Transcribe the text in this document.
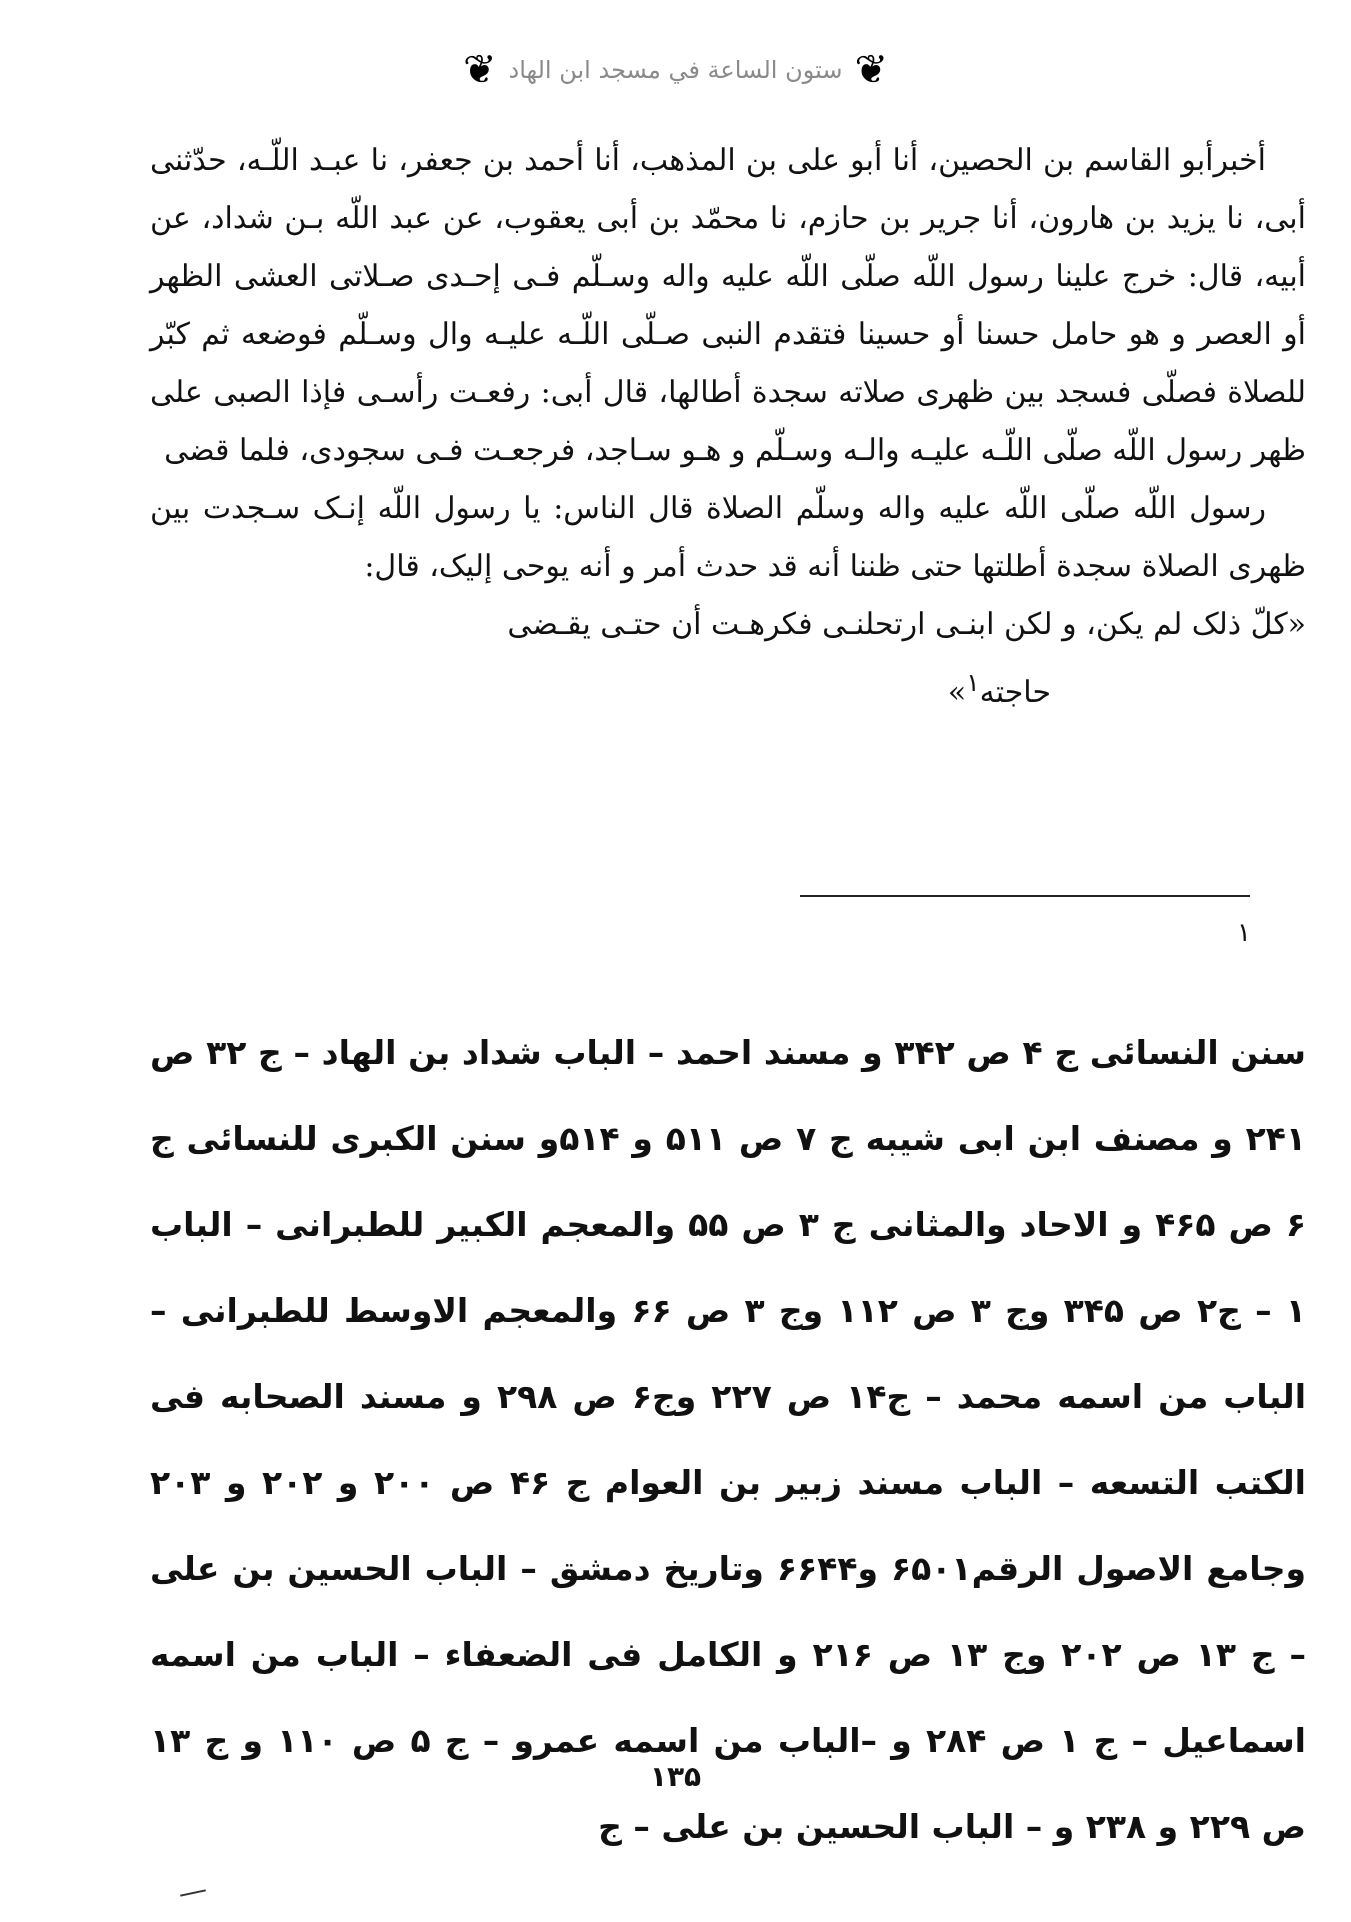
❦ ستون الساعة في مسجد ابن الهاد ❦

أخبرأبو القاسم بن الحصين، أنا أبو على بن المذهب، أنا أحمد بن جعفر، نا عبـد اللّـه، حدّثنى أبى، نا يزيد بن هارون، أنا جرير بن حازم، نا محمّد بن أبى يعقوب، عن عبد اللّه بـن شداد، عن أبيه، قال: خرج علينا رسول اللّه صلّى اللّه عليه واله وسـلّم فـى إحـدى صـلاتى العشى الظهر أو العصر و هو حامل حسنا أو حسينا فتقدم النبى صـلّى اللّـه عليـه وال وسـلّم فوضعه ثم كبّر للصلاة فصلّى فسجد بين ظهرى صلاته سجدة أطالها، قال أبى: رفعـت رأسـى فإذا الصبى على ظهر رسول اللّه صلّى اللّـه عليـه والـه وسـلّم و هـو سـاجد، فرجعـت فـى سجودى، فلما قضى

رسول اللّه صلّى اللّه عليه واله وسلّم الصلاة قال الناس: يا رسول اللّه إنـک سـجدت بين ظهرى الصلاة سجدة أطلتها حتى ظننا أنه قد حدث أمر و أنه يوحى إليک، قال:

«كلّ ذلک لم يكن، و لكن ابنـى ارتحلنـى فكرهـت أن حتـى يقـضى

حاجته$^١$»

١
سنن النسائى ج ۴ ص ٣۴٢ و مسند احمد – الباب شداد بن الهاد – ج ٣٢ ص ٢۴١ و مصنف ابن ابى شيبه ج ٧ ص ۵١١ و ۵١۴و سنن الكبرى للنسائى ج ۶ ص ۴۶۵ و الاحاد والمثانى ج ٣ ص ۵۵ والمعجم الكبير للطبرانى – الباب ١ – ج٢ ص ٣۴۵ وج ٣ ص ١١٢ وج ٣ ص ۶۶ والمعجم الاوسط للطبرانى – الباب من اسمه محمد – ج١۴ ص ٢٢٧ وج۶ ص ٢٩٨ و مسند الصحابه فى الكتب التسعه – الباب مسند زبير بن العوام ج ۴۶ ص ٢٠٠ و ٢٠٢ و ٢٠٣ وجامع الاصول الرقم۶۵٠١ و۶۶۴۴ وتاريخ دمشق – الباب الحسين بن على – ج ١٣ ص ٢٠٢ وج ١٣ ص ٢١۶ و الكامل فى الضعفاء – الباب من اسمه اسماعيل – ج ١ ص ٢٨۴ و –الباب من اسمه عمرو – ج ۵ ص ١١٠ و ج ١٣ ص ٢٢٩ و ٢٣٨ و – الباب الحسين بن على – ج
١٣۵
